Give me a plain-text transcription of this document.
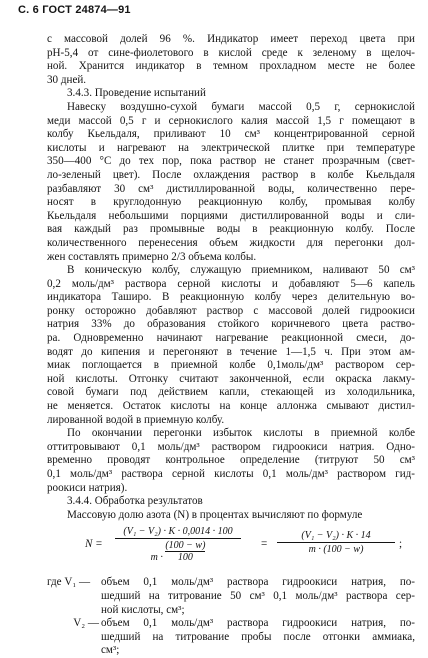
С. 6 ГОСТ 24874—91

с массовой долей 96 %. Индикатор имеет переход цвета при
рН-5,4 от сине-фиолетового в кислой среде к зеленому в щелоч-
ной. Хранится индикатор в темном прохладном месте не более
30 дней.

3.4.3. Проведение испытаний

Навеску воздушно-сухой бумаги массой 0,5 г, сернокислой
меди массой 0,5 г и сернокислого калия массой 1,5 г помещают в
колбу Кьельдаля, приливают 10 см³ концентрированной серной
кислоты и нагревают на электрической плитке при температуре
350—400 °С до тех пор, пока раствор не станет прозрачным (свет-
ло-зеленый цвет). После охлаждения раствор в колбе Кьельдаля
разбавляют 30 см³ дистиллированной воды, количественно пере-
носят в круглодонную реакционную колбу, промывая колбу
Кьельдаля небольшими порциями дистиллированной воды и сли-
вая каждый раз промывные воды в реакционную колбу. После
количественного перенесения объем жидкости для перегонки дол-
жен составлять примерно 2/3 объема колбы.

В коническую колбу, служащую приемником, наливают 50 см³
0,2 моль/дм³ раствора серной кислоты и добавляют 5—6 капель
индикатора Таширо. В реакционную колбу через делительную во-
ронку осторожно добавляют раствор с массовой долей гидроокиси
натрия 33% до образования стойкого коричневого цвета раство-
ра. Одновременно начинают нагревание реакционной смеси, до-
водят до кипения и перегоняют в течение 1—1,5 ч. При этом ам-
миак поглощается в приемной колбе 0,1моль/дм³ раствором сер-
ной кислоты. Отгонку считают законченной, если окраска лакму-
совой бумаги под действием капли, стекающей из холодильника,
не меняется. Остаток кислоты на конце аллонжа смывают дистил-
лированной водой в приемную колбу.

По окончании перегонки избыток кислоты в приемной колбе
оттитровывают 0,1 моль/дм³ раствором гидроокиси натрия. Одно-
временно проводят контрольное определение (титруют 50 см³
0,1 моль/дм³ раствора серной кислоты 0,1 моль/дм³ раствором гид-
роокиси натрия).

3.4.4. Обработка результатов

Массовую долю азота (N) в процентах вычисляют по формуле

N =
(V₁ − V₂) · K · 0,0014 · 100
$m \cdot \frac{(100 - w)}{100}$	=
(V₁ − V₂) · K · 14
m · (100 − w)	;
где V₁ — объем 0,1 моль/дм³ раствора гидроокиси натрия, по-
шедший на титрование 50 см³ 0,1 моль/дм³ раствора сер-
ной кислоты, см³;
V₂ — объем 0,1 моль/дм³ раствора гидроокиси натрия, по-
шедший на титрование пробы после отгонки аммиака,
см³;
